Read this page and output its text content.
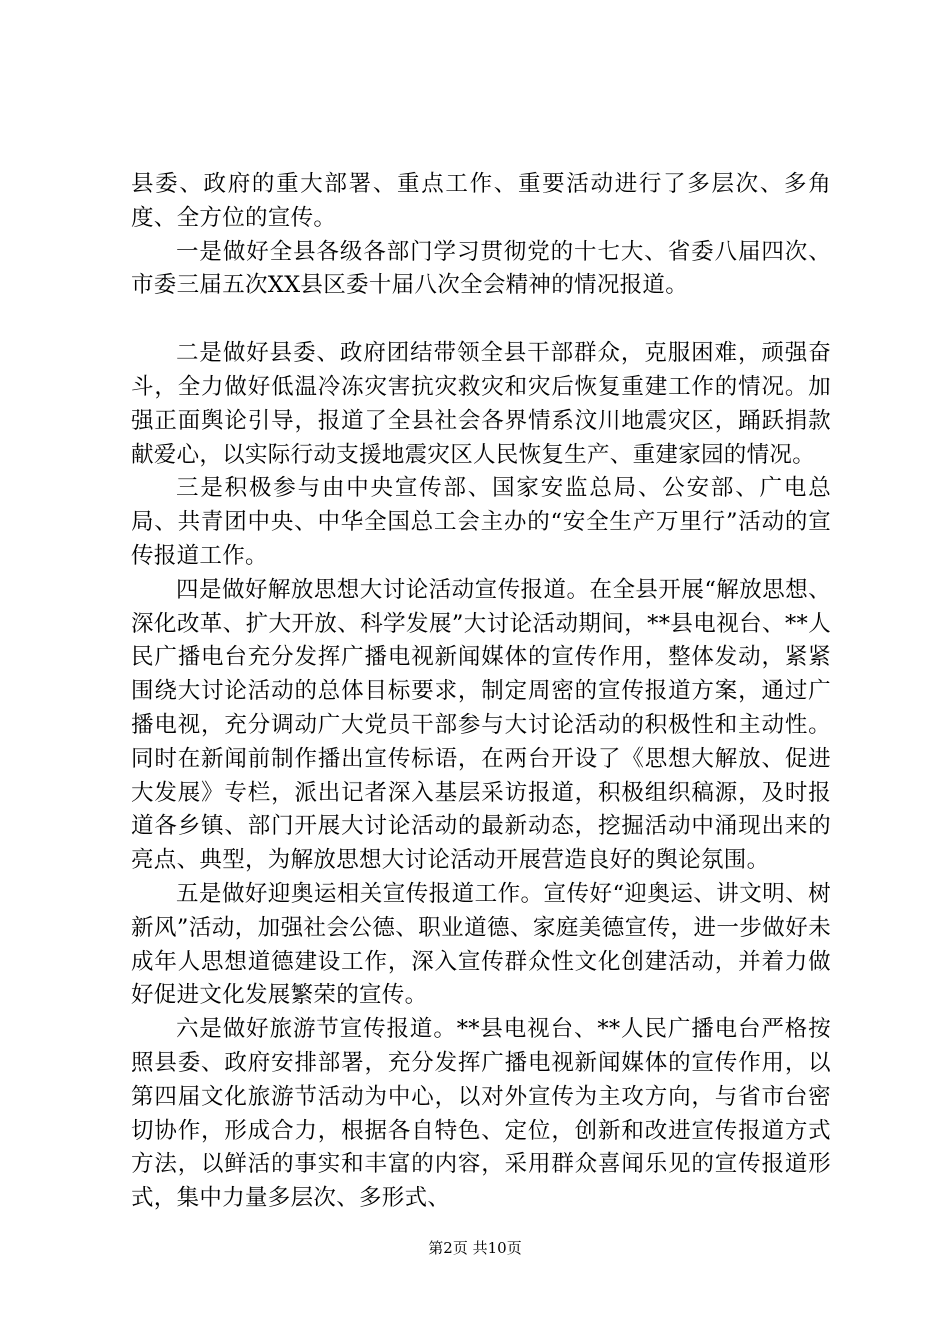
县委、政府的重大部署、重点工作、重要活动进行了多层次、多角度、全方位的宣传。

一是做好全县各级各部门学习贯彻党的十七大、省委八届四次、市委三届五次XX县区委十届八次全会精神的情况报道。

二是做好县委、政府团结带领全县干部群众，克服困难，顽强奋斗，全力做好低温冷冻灾害抗灾救灾和灾后恢复重建工作的情况。加强正面舆论引导，报道了全县社会各界情系汶川地震灾区，踊跃捐款献爱心，以实际行动支援地震灾区人民恢复生产、重建家园的情况。

三是积极参与由中央宣传部、国家安监总局、公安部、广电总局、共青团中央、中华全国总工会主办的“安全生产万里行”活动的宣传报道工作。

四是做好解放思想大讨论活动宣传报道。在全县开展“解放思想、深化改革、扩大开放、科学发展”大讨论活动期间，**县电视台、**人民广播电台充分发挥广播电视新闻媒体的宣传作用，整体发动，紧紧围绕大讨论活动的总体目标要求，制定周密的宣传报道方案，通过广播电视，充分调动广大党员干部参与大讨论活动的积极性和主动性。同时在新闻前制作播出宣传标语，在两台开设了《思想大解放、促进大发展》专栏，派出记者深入基层采访报道，积极组织稿源，及时报道各乡镇、部门开展大讨论活动的最新动态，挖掘活动中涌现出来的亮点、典型，为解放思想大讨论活动开展营造良好的舆论氛围。

五是做好迎奥运相关宣传报道工作。宣传好“迎奥运、讲文明、树新风”活动，加强社会公德、职业道德、家庭美德宣传，进一步做好未成年人思想道德建设工作，深入宣传群众性文化创建活动，并着力做好促进文化发展繁荣的宣传。

六是做好旅游节宣传报道。**县电视台、**人民广播电台严格按照县委、政府安排部署，充分发挥广播电视新闻媒体的宣传作用，以第四届文化旅游节活动为中心，以对外宣传为主攻方向，与省市台密切协作，形成合力，根据各自特色、定位，创新和改进宣传报道方式方法，以鲜活的事实和丰富的内容，采用群众喜闻乐见的宣传报道形式，集中力量多层次、多形式、

第2页 共10页
